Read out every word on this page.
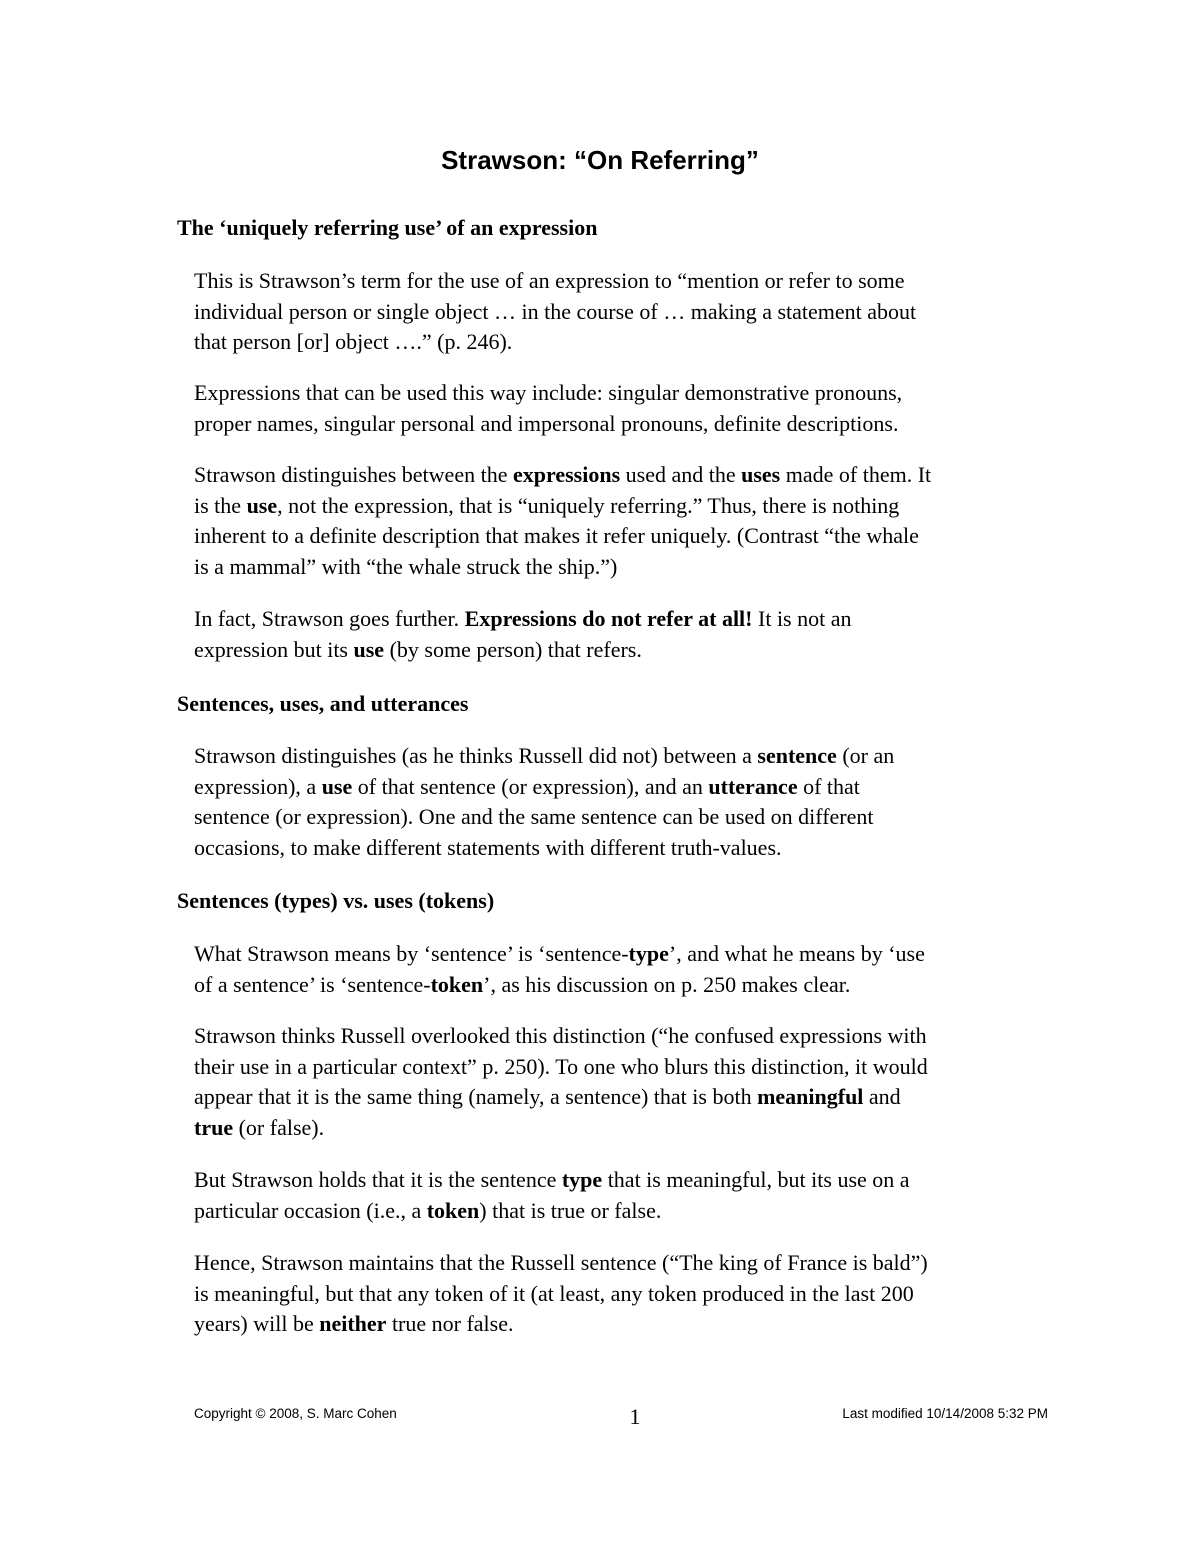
Strawson: “On Referring”
The ‘uniquely referring use’ of an expression
This is Strawson’s term for the use of an expression to “mention or refer to some
individual person or single object … in the course of … making a statement about
that person [or] object ….” (p. 246).
Expressions that can be used this way include: singular demonstrative pronouns,
proper names, singular personal and impersonal pronouns, definite descriptions.
Strawson distinguishes between the expressions used and the uses made of them. It
is the use, not the expression, that is “uniquely referring.” Thus, there is nothing
inherent to a definite description that makes it refer uniquely. (Contrast “the whale
is a mammal” with “the whale struck the ship.”)
In fact, Strawson goes further. Expressions do not refer at all! It is not an
expression but its use (by some person) that refers.
Sentences, uses, and utterances
Strawson distinguishes (as he thinks Russell did not) between a sentence (or an
expression), a use of that sentence (or expression), and an utterance of that
sentence (or expression). One and the same sentence can be used on different
occasions, to make different statements with different truth-values.
Sentences (types) vs. uses (tokens)
What Strawson means by ‘sentence’ is ‘sentence-type’, and what he means by ‘use
of a sentence’ is ‘sentence-token’, as his discussion on p. 250 makes clear.
Strawson thinks Russell overlooked this distinction (“he confused expressions with
their use in a particular context” p. 250). To one who blurs this distinction, it would
appear that it is the same thing (namely, a sentence) that is both meaningful and
true (or false).
But Strawson holds that it is the sentence type that is meaningful, but its use on a
particular occasion (i.e., a token) that is true or false.
Hence, Strawson maintains that the Russell sentence (“The king of France is bald”)
is meaningful, but that any token of it (at least, any token produced in the last 200
years) will be neither true nor false.
Copyright © 2008, S. Marc Cohen	1	Last modified 10/14/2008 5:32 PM
